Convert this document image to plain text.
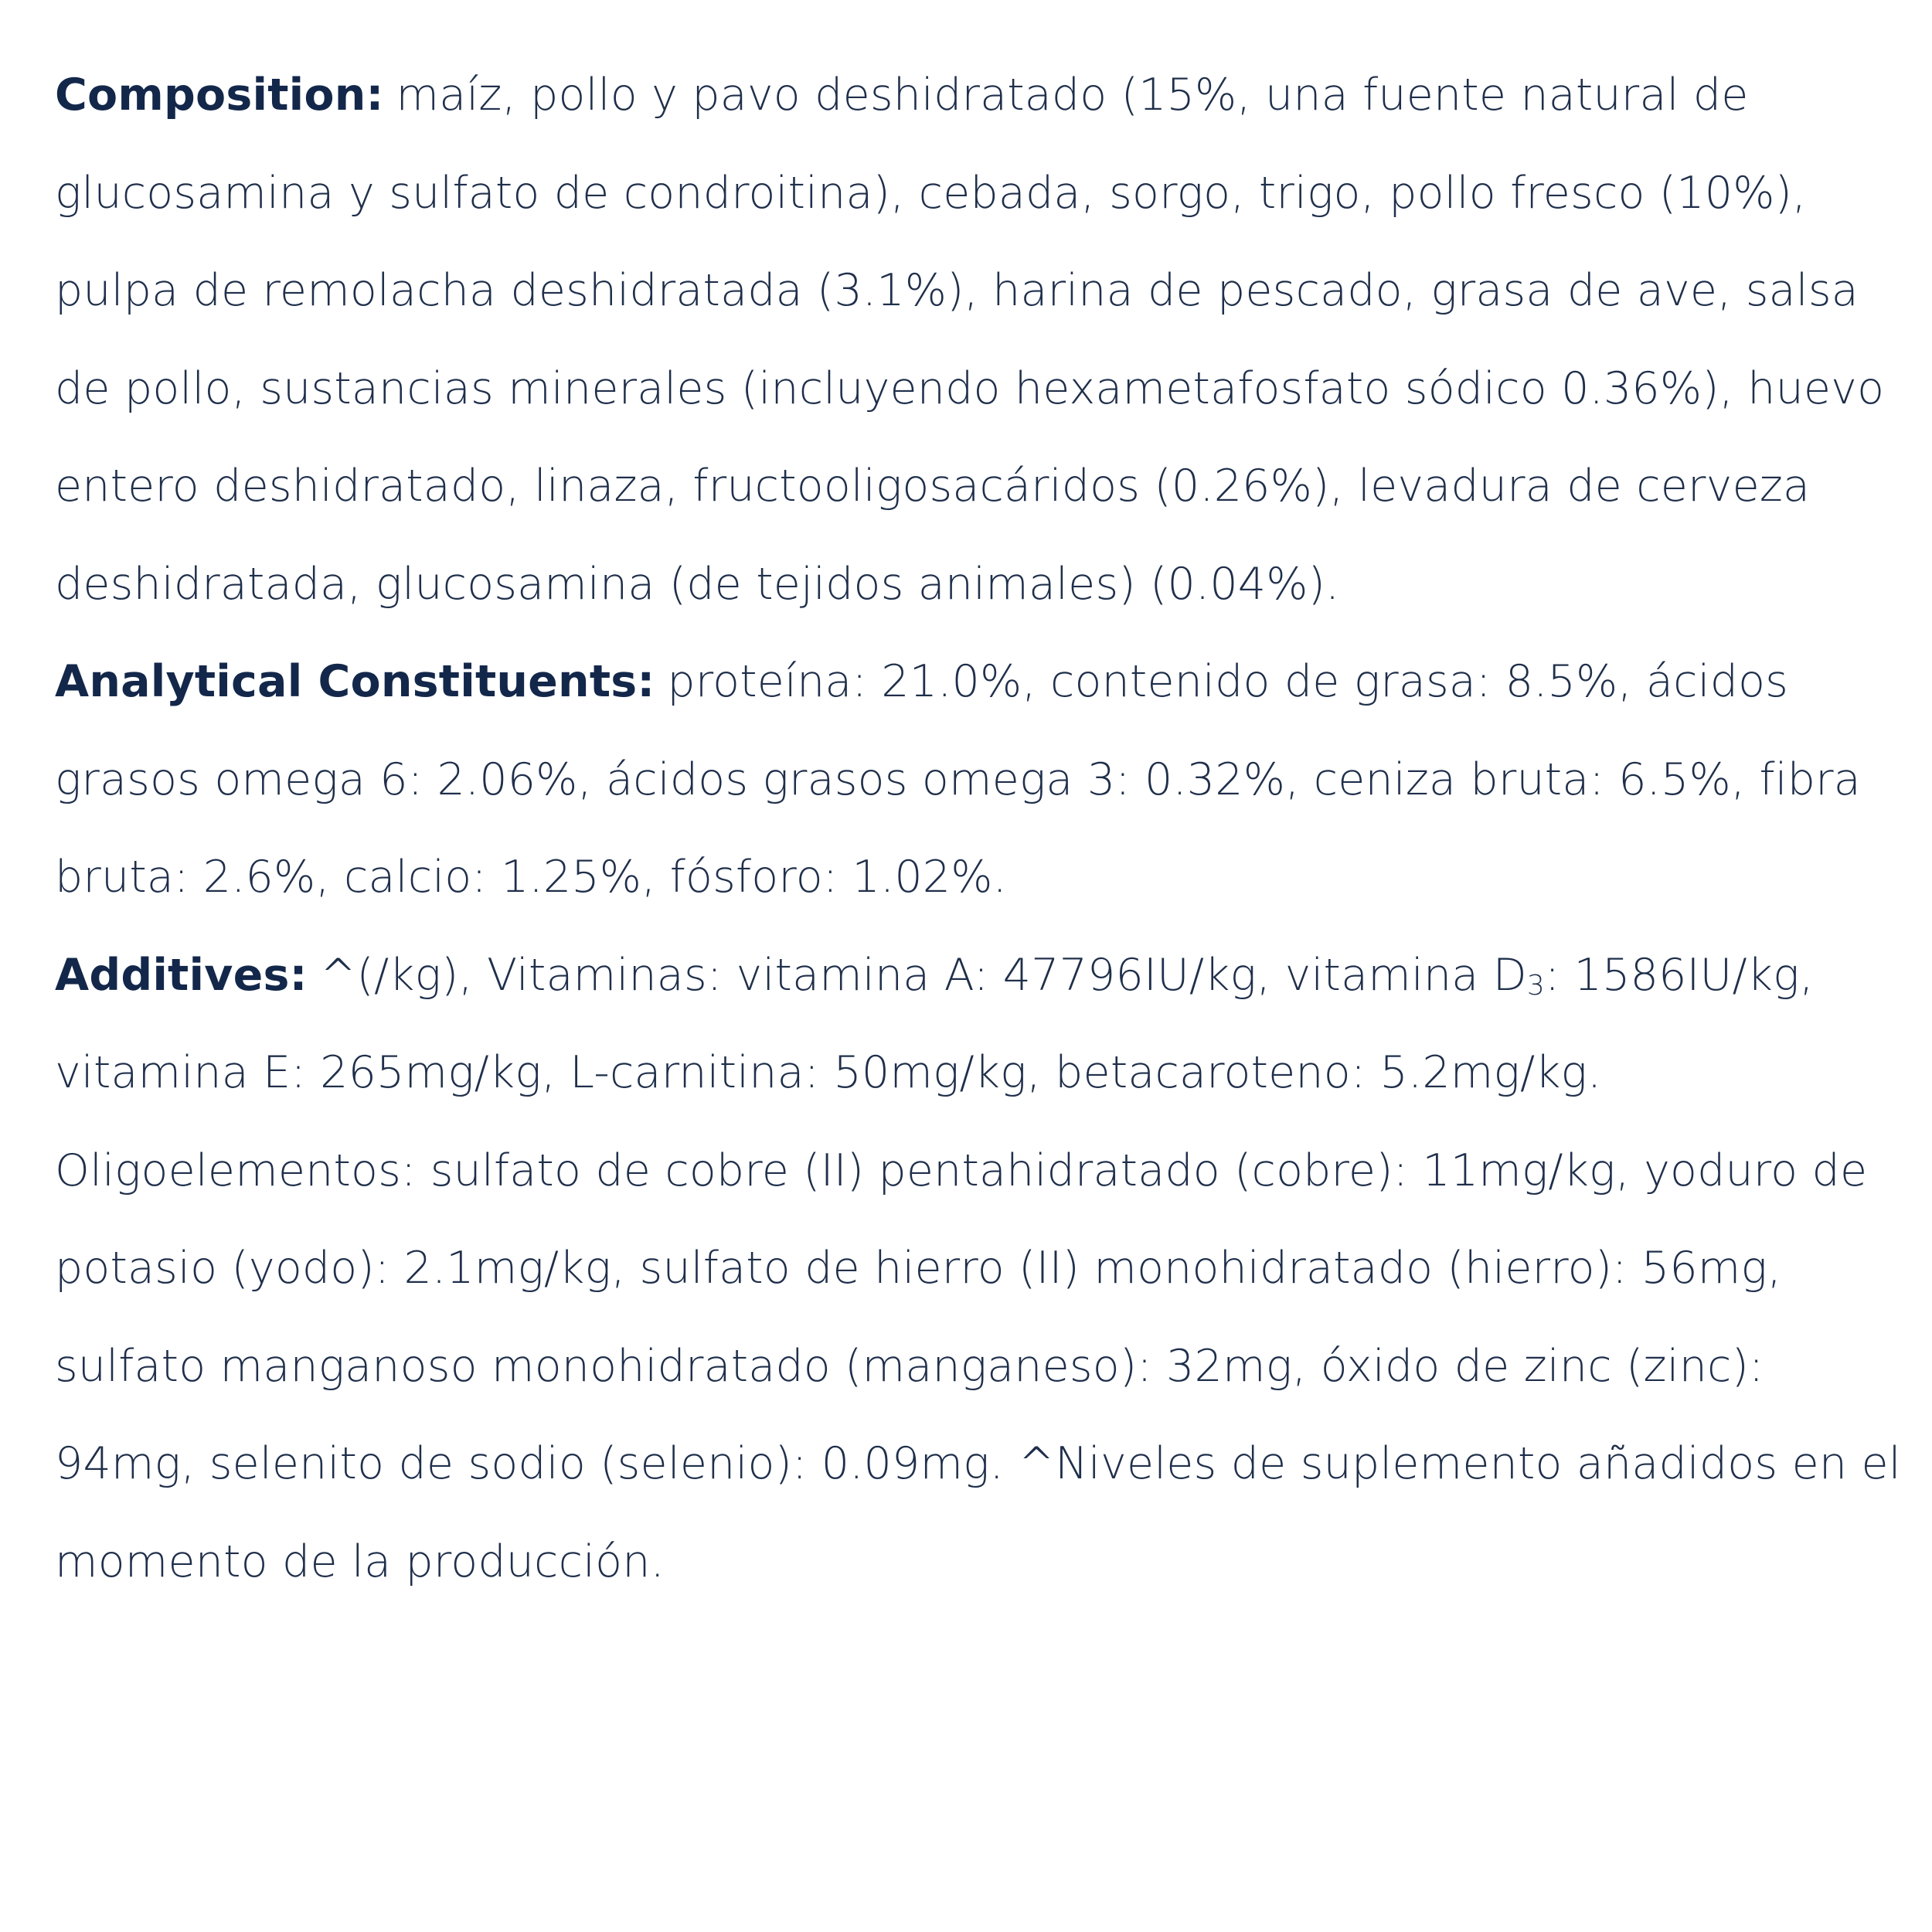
Composition: maíz, pollo y pavo deshidratado (15%, una fuente natural de glucosamina y sulfato de condroitina), cebada, sorgo, trigo, pollo fresco (10%), pulpa de remolacha deshidratada (3.1%), harina de pescado, grasa de ave, salsa de pollo, sustancias minerales (incluyendo hexametafosfato sódico 0.36%), huevo entero deshidratado, linaza, fructooligosacáridos (0.26%), levadura de cerveza deshidratada, glucosamina (de tejidos animales) (0.04%).

Analytical Constituents: proteína: 21.0%, contenido de grasa: 8.5%, ácidos grasos omega 6: 2.06%, ácidos grasos omega 3: 0.32%, ceniza bruta: 6.5%, fibra bruta: 2.6%, calcio: 1.25%, fósforo: 1.02%.

Additives: ^(/kg), Vitaminas: vitamina A: 47796IU/kg, vitamina D3: 1586IU/kg, vitamina E: 265mg/kg, L-carnitina: 50mg/kg, betacaroteno: 5.2mg/kg. Oligoelementos: sulfato de cobre (II) pentahidratado (cobre): 11mg/kg, yoduro de potasio (yodo): 2.1mg/kg, sulfato de hierro (II) monohidratado (hierro): 56mg, sulfato manganoso monohidratado (manganeso): 32mg, óxido de zinc (zinc): 94mg, selenito de sodio (selenio): 0.09mg. ^Niveles de suplemento añadidos en el momento de la producción.
